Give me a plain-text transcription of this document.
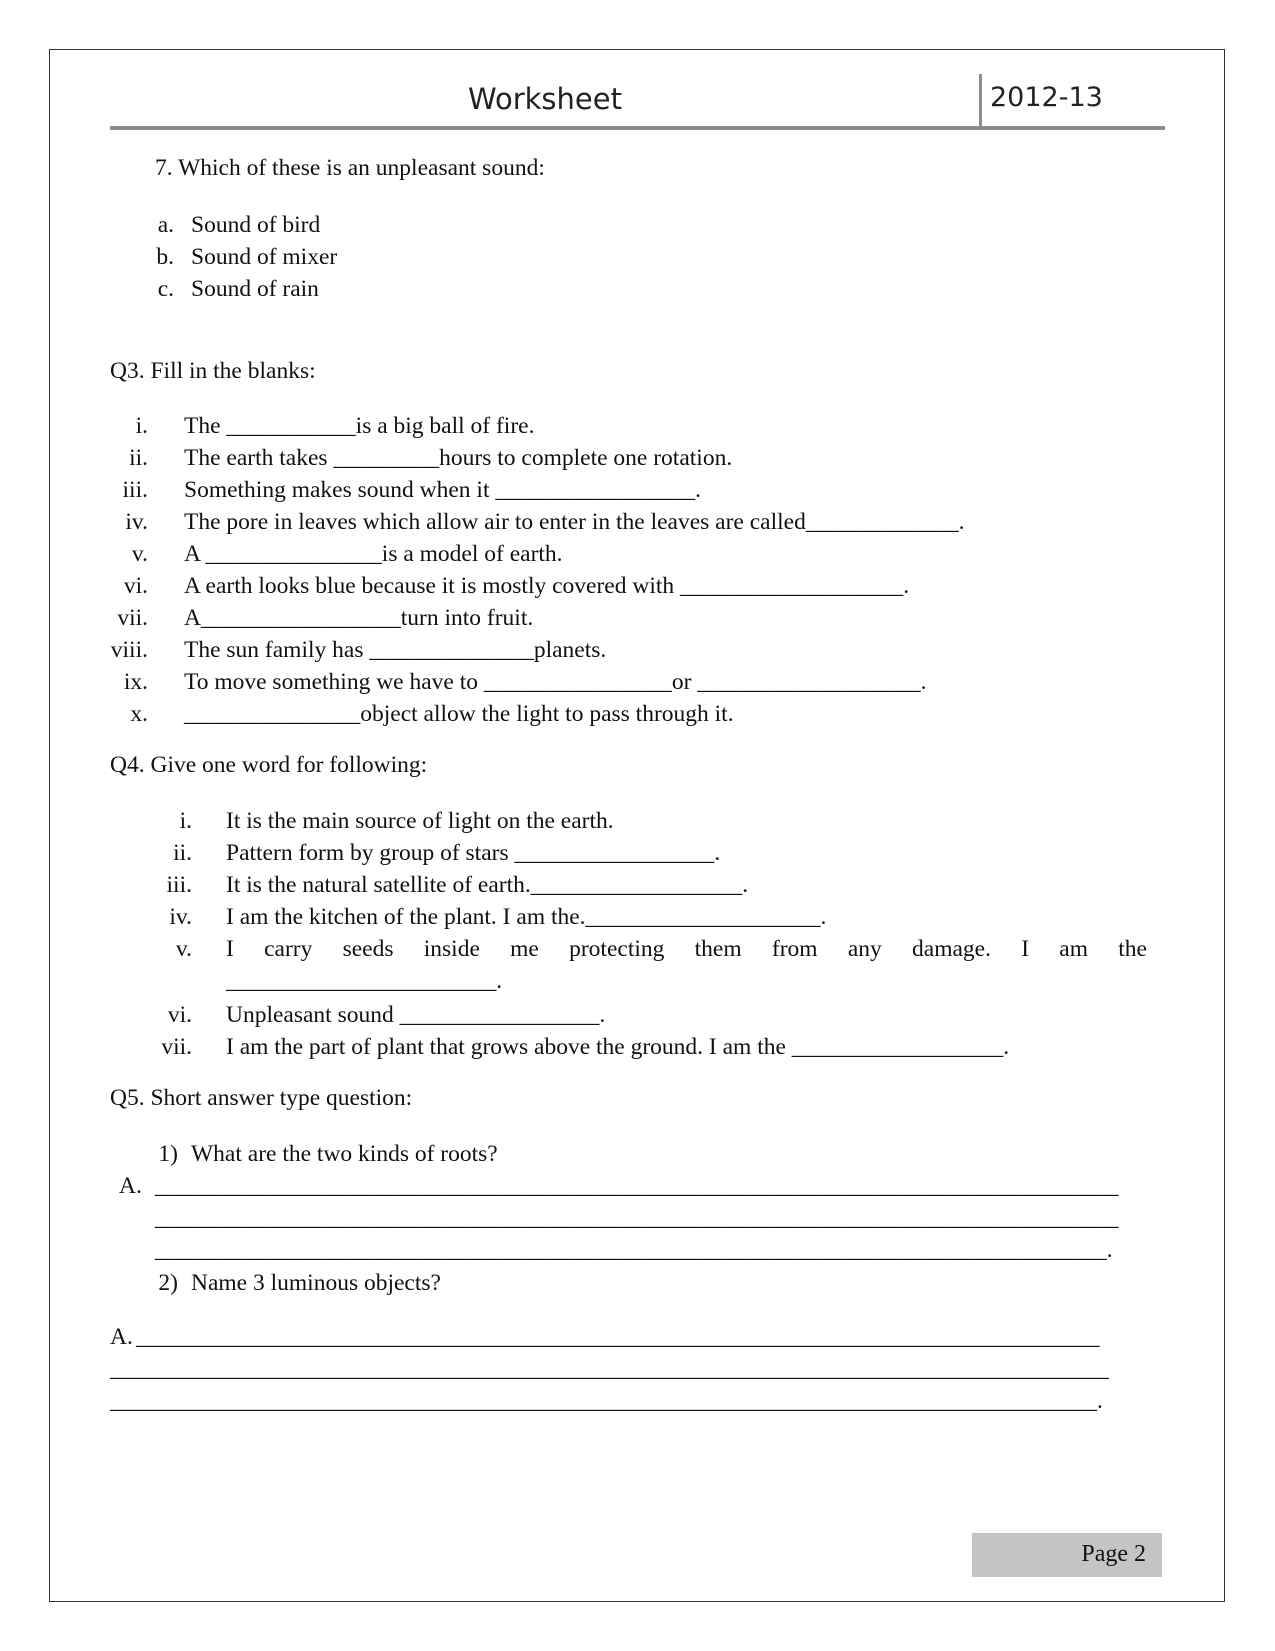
Worksheet	2012-13
7. Which of these is an unpleasant sound:
a. Sound of bird
b. Sound of mixer
c. Sound of rain
Q3. Fill in the blanks:
i. The ___________is a big ball of fire.
ii. The earth takes _________hours to complete one rotation.
iii. Something makes sound when it _________________.
iv. The pore in leaves which allow air to enter in the leaves are called_____________.
v. A _______________is a model of earth.
vi. A earth looks blue because it is mostly covered with ___________________.
vii. A_________________turn into fruit.
viii. The sun family has ______________planets.
ix. To move something we have to ________________or ___________________.
x. _______________object allow the light to pass through it.
Q4. Give one word for following:
i. It is the main source of light on the earth.
ii. Pattern form by group of stars _________________.
iii. It is the natural satellite of earth.__________________.
iv. I am the kitchen of the plant. I am the.____________________.
v. I carry seeds inside me protecting them from any damage. I am the
_______________________.
vi. Unpleasant sound _________________.
vii. I am the part of plant that grows above the ground. I am the __________________.
Q5. Short answer type question:
1) What are the two kinds of roots?
A. __________________________________________________________________________________
__________________________________________________________________________________
_________________________________________________________________________________.
2) Name 3 luminous objects?
A. __________________________________________________________________________________
_____________________________________________________________________________________
____________________________________________________________________________________.
Page 2
